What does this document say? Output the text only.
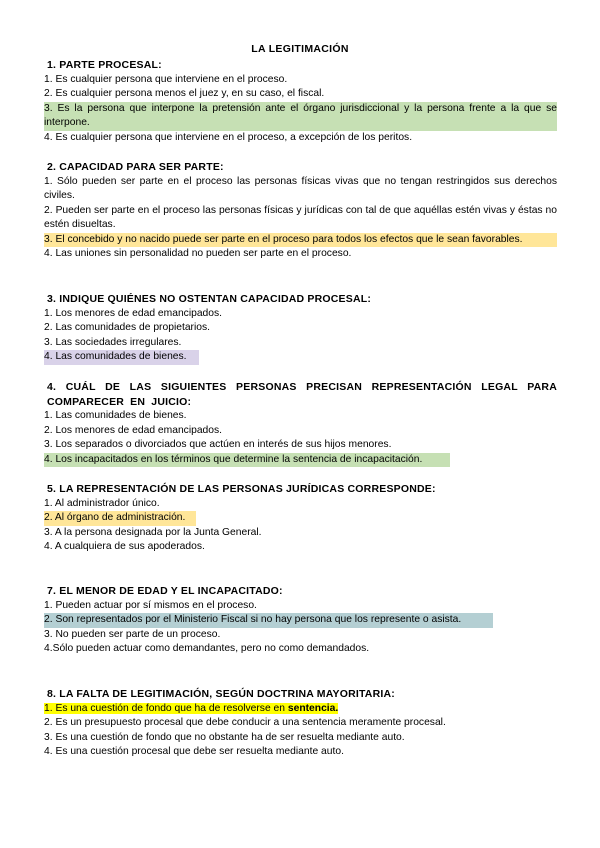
LA LEGITIMACIÓN
1. PARTE PROCESAL:
1. Es cualquier persona que interviene en el proceso.
2. Es cualquier persona menos el juez y, en su caso, el fiscal.
3. Es la persona que interpone la pretensión ante el órgano jurisdiccional y la persona frente a la que se interpone.
4. Es cualquier persona que interviene en el proceso, a excepción de los peritos.
2. CAPACIDAD PARA SER PARTE:
1. Sólo pueden ser parte en el proceso las personas físicas vivas que no tengan restringidos sus derechos civiles.
2. Pueden ser parte en el proceso las personas físicas y jurídicas con tal de que aquéllas estén vivas y éstas no estén disueltas.
3. El concebido y no nacido puede ser parte en el proceso para todos los efectos que le sean favorables.
4. Las uniones sin personalidad no pueden ser parte en el proceso.
3. INDIQUE QUIÉNES NO OSTENTAN CAPACIDAD PROCESAL:
1. Los menores de edad emancipados.
2. Las comunidades de propietarios.
3. Las sociedades irregulares.
4. Las comunidades de bienes.
4. CUÁL DE LAS SIGUIENTES PERSONAS PRECISAN REPRESENTACIÓN LEGAL PARA COMPARECER EN JUICIO:
1. Las comunidades de bienes.
2. Los menores de edad emancipados.
3. Los separados o divorciados que actúen en interés de sus hijos menores.
4. Los incapacitados en los términos que determine la sentencia de incapacitación.
5. LA REPRESENTACIÓN DE LAS PERSONAS JURÍDICAS CORRESPONDE:
1. Al administrador único.
2. Al órgano de administración.
3. A la persona designada por la Junta General.
4. A cualquiera de sus apoderados.
7. EL MENOR DE EDAD Y EL INCAPACITADO:
1. Pueden actuar por sí mismos en el proceso.
2. Son representados por el Ministerio Fiscal si no hay persona que los represente o asista.
3. No pueden ser parte de un proceso.
4.Sólo pueden actuar como demandantes, pero no como demandados.
8. LA FALTA DE LEGITIMACIÓN, SEGÚN DOCTRINA MAYORITARIA:
1. Es una cuestión de fondo que ha de resolverse en sentencia.
2. Es un presupuesto procesal que debe conducir a una sentencia meramente procesal.
3. Es una cuestión de fondo que no obstante ha de ser resuelta mediante auto.
4. Es una cuestión procesal que debe ser resuelta mediante auto.
